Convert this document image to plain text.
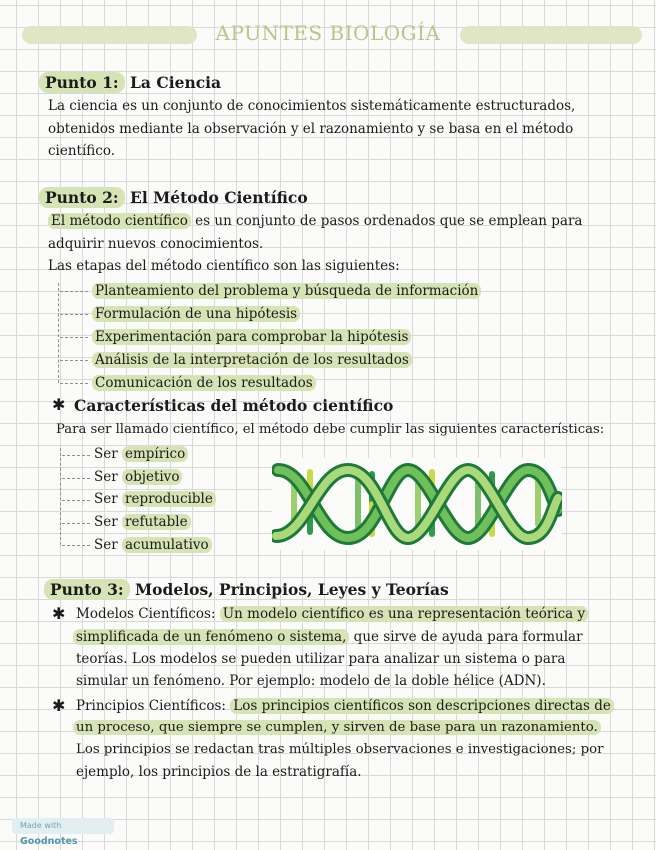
APUNTES BIOLOGÍA
Punto 1: La Ciencia
La ciencia es un conjunto de conocimientos sistemáticamente estructurados,
obtenidos mediante la observación y el razonamiento y se basa en el método
científico.
Punto 2: El Método Científico
El método científico es un conjunto de pasos ordenados que se emplean para
adquirir nuevos conocimientos.
Las etapas del método científico son las siguientes:
Planteamiento del problema y búsqueda de información
Formulación de una hipótesis
Experimentación para comprobar la hipótesis
Análisis de la interpretación de los resultados
Comunicación de los resultados
✱ Características del método científico
Para ser llamado científico, el método debe cumplir las siguientes características:
Ser empírico
Ser objetivo
Ser reproducible
Ser refutable
Ser acumulativo
Punto 3: Modelos, Principios, Leyes y Teorías
✱ Modelos Científicos: Un modelo científico es una representación teórica y
simplificada de un fenómeno o sistema, que sirve de ayuda para formular
teorías. Los modelos se pueden utilizar para analizar un sistema o para
simular un fenómeno. Por ejemplo: modelo de la doble hélice (ADN).
✱ Principios Científicos: Los principios científicos son descripciones directas de
un proceso, que siempre se cumplen, y sirven de base para un razonamiento.
Los principios se redactan tras múltiples observaciones e investigaciones; por
ejemplo, los principios de la estratigrafía.
Made with Goodnotes
